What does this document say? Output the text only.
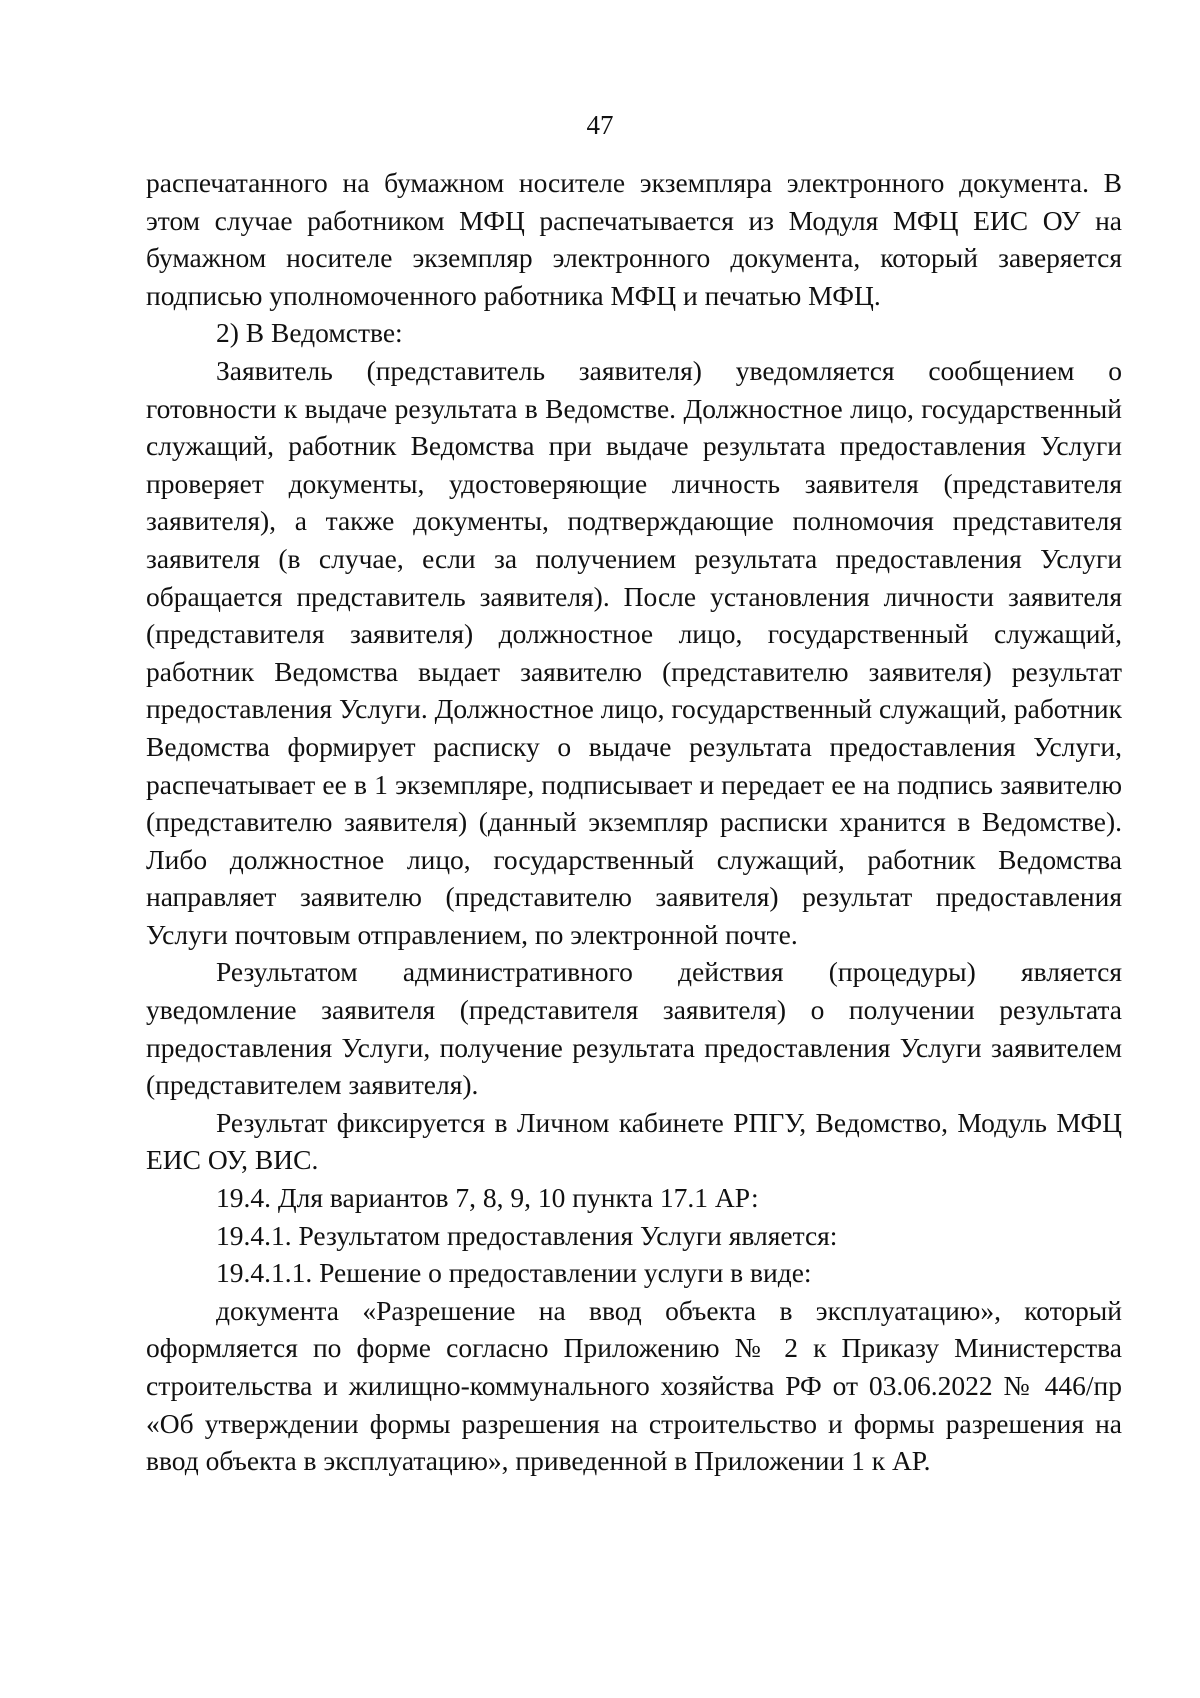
47

распечатанного на бумажном носителе экземпляра электронного документа. В этом случае работником МФЦ распечатывается из Модуля МФЦ ЕИС ОУ на бумажном носителе экземпляр электронного документа, который заверяется подписью уполномоченного работника МФЦ и печатью МФЦ.

2) В Ведомстве:

Заявитель (представитель заявителя) уведомляется сообщением о готовности к выдаче результата в Ведомстве. Должностное лицо, государственный служащий, работник Ведомства при выдаче результата предоставления Услуги проверяет документы, удостоверяющие личность заявителя (представителя заявителя), а также документы, подтверждающие полномочия представителя заявителя (в случае, если за получением результата предоставления Услуги обращается представитель заявителя). После установления личности заявителя (представителя заявителя) должностное лицо, государственный служащий, работник Ведомства выдает заявителю (представителю заявителя) результат предоставления Услуги. Должностное лицо, государственный служащий, работник Ведомства формирует расписку о выдаче результата предоставления Услуги, распечатывает ее в 1 экземпляре, подписывает и передает ее на подпись заявителю (представителю заявителя) (данный экземпляр расписки хранится в Ведомстве). Либо должностное лицо, государственный служащий, работник Ведомства направляет заявителю (представителю заявителя) результат предоставления Услуги почтовым отправлением, по электронной почте.

Результатом административного действия (процедуры) является уведомление заявителя (представителя заявителя) о получении результата предоставления Услуги, получение результата предоставления Услуги заявителем (представителем заявителя).

Результат фиксируется в Личном кабинете РПГУ, Ведомство, Модуль МФЦ ЕИС ОУ, ВИС.

19.4. Для вариантов 7, 8, 9, 10 пункта 17.1 АР:

19.4.1. Результатом предоставления Услуги является:

19.4.1.1. Решение о предоставлении услуги в виде:

документа «Разрешение на ввод объекта в эксплуатацию», который оформляется по форме согласно Приложению № 2 к Приказу Министерства строительства и жилищно-коммунального хозяйства РФ от 03.06.2022 № 446/пр «Об утверждении формы разрешения на строительство и формы разрешения на ввод объекта в эксплуатацию», приведенной в Приложении 1 к АР.
